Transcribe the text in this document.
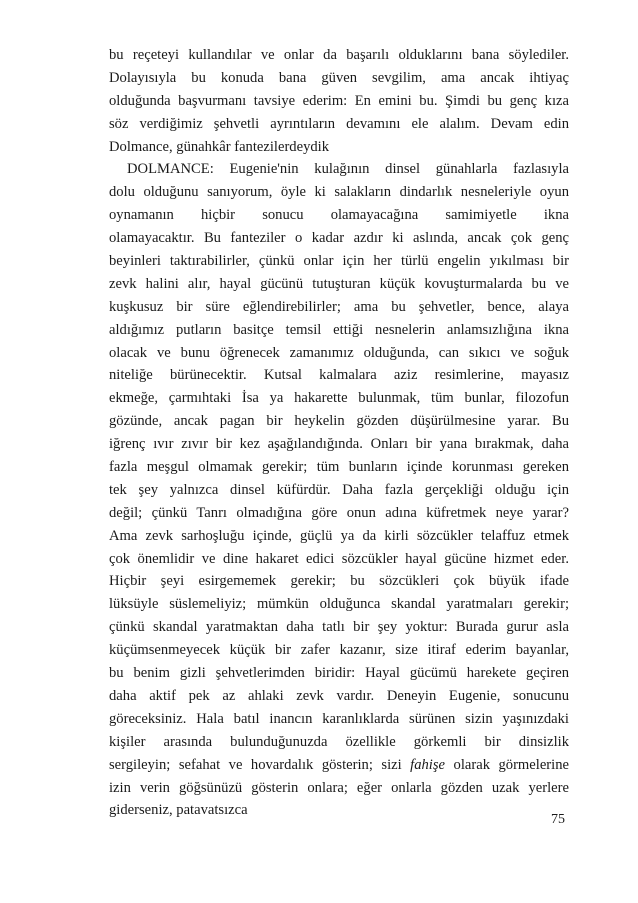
bu reçeteyi kullandılar ve onlar da başarılı olduklarını bana söylediler.
Dolayısıyla bu konuda bana güven sevgilim, ama ancak ihtiyaç
olduğunda başvurmanı tavsiye ederim: En emini bu. Şimdi bu genç kıza
söz verdiğimiz şehvetli ayrıntıların devamını ele alalım. Devam edin
Dolmance, günahkâr fantezilerdeydik
DOLMANCE: Eugenie'nin kulağının dinsel günahlarla fazlasıyla
dolu olduğunu sanıyorum, öyle ki salakların dindarlık nesneleriyle oyun
oynamanın hiçbir sonucu olamayacağına samimiyetle ikna
olamayacaktır. Bu fanteziler o kadar azdır ki aslında, ancak çok genç
beyinleri taktırabilirler, çünkü onlar için her türlü engelin yıkılması bir
zevk halini alır, hayal gücünü tutuşturan küçük kovuşturmalarda bu ve
kuşkusuz bir süre eğlendirebilirler; ama bu şehvetler, bence, alaya
aldığımız putların basitçe temsil ettiği nesnelerin anlamsızlığına ikna
olacak ve bunu öğrenecek zamanımız olduğunda, can sıkıcı ve soğuk
niteliğe bürünecektir. Kutsal kalmalara aziz resimlerine, mayasız
ekmeğe, çarmıhtaki İsa ya hakarette bulunmak, tüm bunlar, filozofun
gözünde, ancak pagan bir heykelin gözden düşürülmesine yarar. Bu
iğrenç ıvır zıvır bir kez aşağılandığında. Onları bir yana bırakmak, daha
fazla meşgul olmamak gerekir; tüm bunların içinde korunması gereken
tek şey yalnızca dinsel küfürdür. Daha fazla gerçekliği olduğu için
değil; çünkü Tanrı olmadığına göre onun adına küfretmek neye yarar?
Ama zevk sarhoşluğu içinde, güçlü ya da kirli sözcükler telaffuz etmek
çok önemlidir ve dine hakaret edici sözcükler hayal gücüne hizmet eder.
Hiçbir şeyi esirgememek gerekir; bu sözcükleri çok büyük ifade
lüksüyle süslemeliyiz; mümkün olduğunca skandal yaratmaları gerekir;
çünkü skandal yaratmaktan daha tatlı bir şey yoktur: Burada gurur asla
küçümsenmeyecek küçük bir zafer kazanır, size itiraf ederim bayanlar,
bu benim gizli şehvetlerimden biridir: Hayal gücümü harekete geçiren
daha aktif pek az ahlaki zevk vardır. Deneyin Eugenie, sonucunu
göreceksiniz. Hala batıl inancın karanlıklarda sürünen sizin yaşınızdaki
kişiler arasında bulunduğunuzda özellikle görkemli bir dinsizlik
sergileyin; sefahat ve hovardalık gösterin; sizi fahişe olarak görmelerine
izin verin göğsünüzü gösterin onlara; eğer onlarla gözden uzak yerlere
giderseniz, patavatsızca
75
